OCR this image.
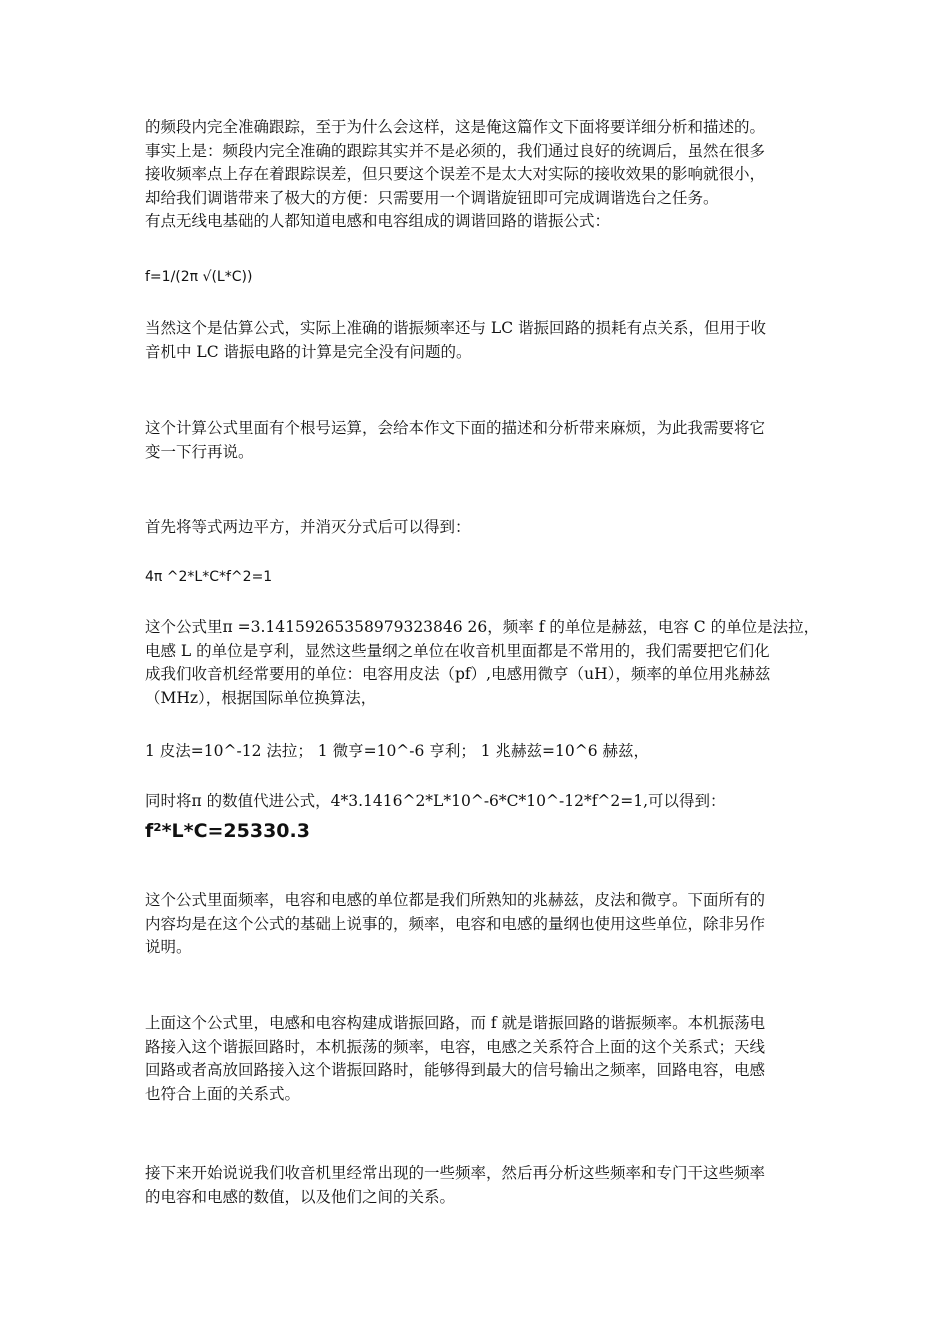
的频段内完全准确跟踪，至于为什么会这样，这是俺这篇作文下面将要详细分析和描述的。
事实上是：频段内完全准确的跟踪其实并不是必须的，我们通过良好的统调后，虽然在很多
接收频率点上存在着跟踪误差，但只要这个误差不是太大对实际的接收效果的影响就很小，
却给我们调谐带来了极大的方便：只需要用一个调谐旋钮即可完成调谐选台之任务。
有点无线电基础的人都知道电感和电容组成的调谐回路的谐振公式：
f=1/(2π √(L*C))
当然这个是估算公式，实际上准确的谐振频率还与 LC 谐振回路的损耗有点关系，但用于收
音机中 LC 谐振电路的计算是完全没有问题的。
这个计算公式里面有个根号运算，会给本作文下面的描述和分析带来麻烦，为此我需要将它
变一下行再说。
首先将等式两边平方，并消灭分式后可以得到：
4π ^2*L*C*f^2=1
这个公式里π =3.14159265358979323846 26，频率 f 的单位是赫兹，电容 C 的单位是法拉，
电感 L 的单位是亨利，显然这些量纲之单位在收音机里面都是不常用的，我们需要把它们化
成我们收音机经常要用的单位：电容用皮法（pf）,电感用微亨（uH），频率的单位用兆赫兹
（MHz），根据国际单位换算法，
1 皮法=10^-12 法拉； 1 微亨=10^-6 亨利； 1 兆赫兹=10^6 赫兹，
同时将π 的数值代进公式，4*3.1416^2*L*10^-6*C*10^-12*f^2=1,可以得到：
f²*L*C=25330.3
这个公式里面频率，电容和电感的单位都是我们所熟知的兆赫兹，皮法和微亨。下面所有的
内容均是在这个公式的基础上说事的，频率，电容和电感的量纲也使用这些单位，除非另作
说明。
上面这个公式里，电感和电容构建成谐振回路，而 f 就是谐振回路的谐振频率。本机振荡电
路接入这个谐振回路时，本机振荡的频率，电容，电感之关系符合上面的这个关系式；天线
回路或者高放回路接入这个谐振回路时，能够得到最大的信号输出之频率，回路电容，电感
也符合上面的关系式。
接下来开始说说我们收音机里经常出现的一些频率，然后再分析这些频率和专门干这些频率
的电容和电感的数值，以及他们之间的关系。
